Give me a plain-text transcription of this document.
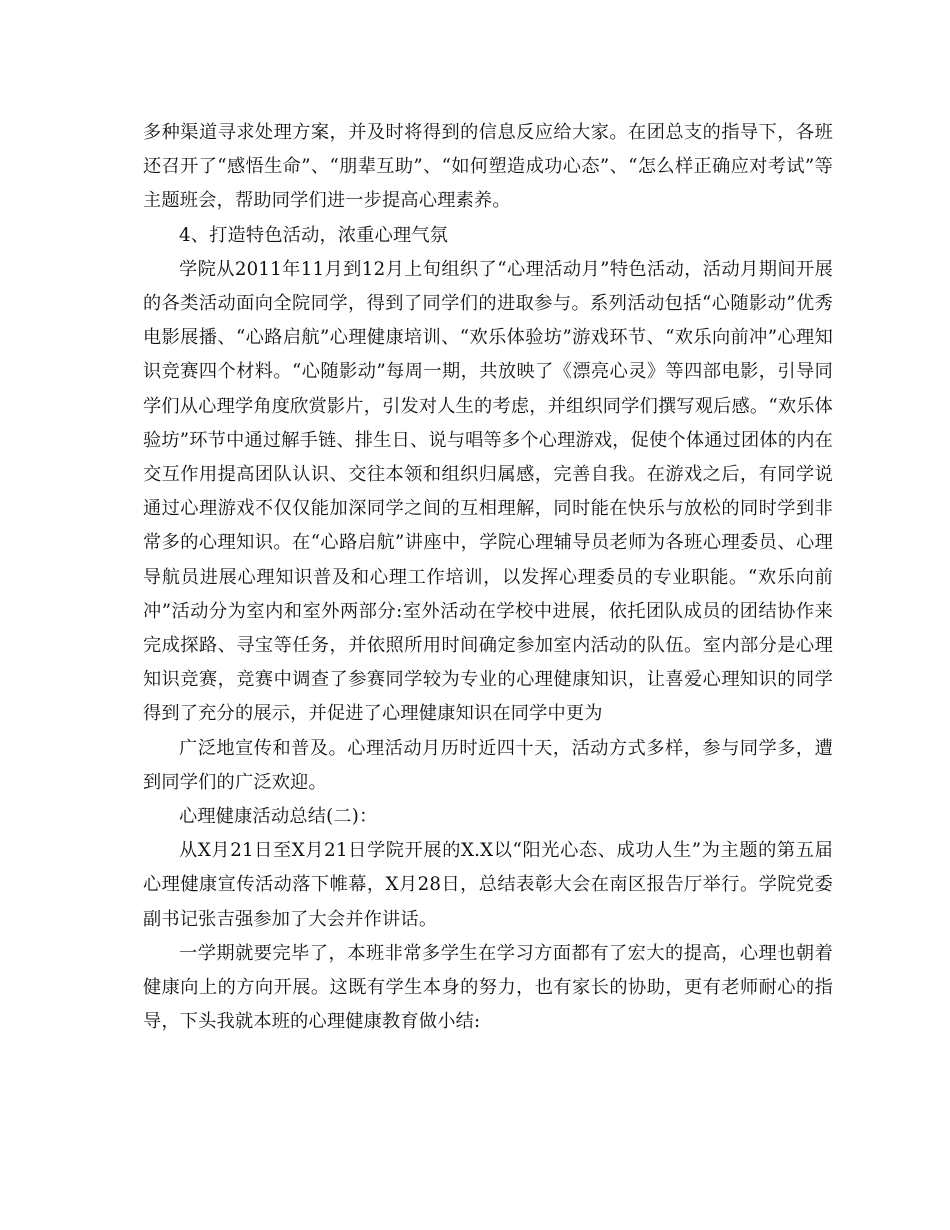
多种渠道寻求处理方案，并及时将得到的信息反应给大家。在团总支的指导下，各班还召开了“感悟生命”、“朋辈互助”、“如何塑造成功心态”、“怎么样正确应对考试”等主题班会，帮助同学们进一步提高心理素养。

4、打造特色活动，浓重心理气氛

学院从2011年11月到12月上旬组织了“心理活动月”特色活动，活动月期间开展的各类活动面向全院同学，得到了同学们的进取参与。系列活动包括“心随影动”优秀电影展播、“心路启航”心理健康培训、“欢乐体验坊”游戏环节、“欢乐向前冲”心理知识竞赛四个材料。“心随影动”每周一期，共放映了《漂亮心灵》等四部电影，引导同学们从心理学角度欣赏影片，引发对人生的考虑，并组织同学们撰写观后感。“欢乐体验坊”环节中通过解手链、排生日、说与唱等多个心理游戏，促使个体通过团体的内在交互作用提高团队认识、交往本领和组织归属感，完善自我。在游戏之后，有同学说通过心理游戏不仅仅能加深同学之间的互相理解，同时能在快乐与放松的同时学到非常多的心理知识。在“心路启航”讲座中，学院心理辅导员老师为各班心理委员、心理导航员进展心理知识普及和心理工作培训，以发挥心理委员的专业职能。“欢乐向前冲”活动分为室内和室外两部分:室外活动在学校中进展，依托团队成员的团结协作来完成探路、寻宝等任务，并依照所用时间确定参加室内活动的队伍。室内部分是心理知识竞赛，竞赛中调查了参赛同学较为专业的心理健康知识，让喜爱心理知识的同学得到了充分的展示，并促进了心理健康知识在同学中更为

广泛地宣传和普及。心理活动月历时近四十天，活动方式多样，参与同学多，遭到同学们的广泛欢迎。

心理健康活动总结(二)：

从X月21日至X月21日学院开展的X.X以“阳光心态、成功人生”为主题的第五届心理健康宣传活动落下帷幕，X月28日，总结表彰大会在南区报告厅举行。学院党委副书记张吉强参加了大会并作讲话。

一学期就要完毕了，本班非常多学生在学习方面都有了宏大的提高，心理也朝着健康向上的方向开展。这既有学生本身的努力，也有家长的协助，更有老师耐心的指导，下头我就本班的心理健康教育做小结:
